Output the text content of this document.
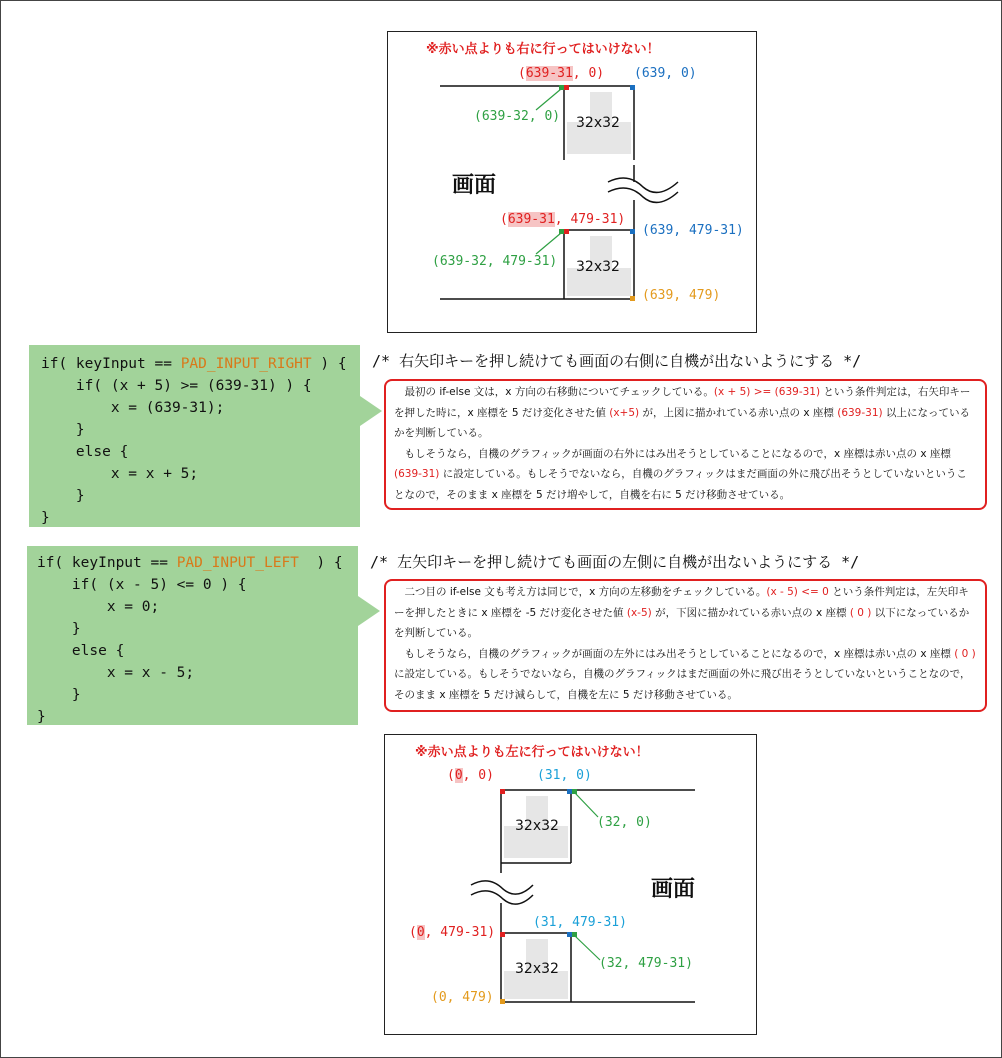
※赤い点よりも右に行ってはいけない！
(639-31, 0) (639, 0)
(639-32, 0) 32x32
画面
(639-31, 479-31)
(639, 479-31)
(639-32, 479-31) 32x32
(639, 479)
if( keyInput == PAD_INPUT_RIGHT ) {
if( (x + 5) >= (639-31) ) {
x = (639-31);
}
else {
x = x + 5;
}
}
/* 右矢印キーを押し続けても画面の右側に自機が出ないようにする */

最初の if-else 文は，x 方向の右移動についてチェックしている。(x + 5) >= (639-31) という条件判定は，右矢印キーを押した時に，x 座標を 5 だけ変化させた値 (x+5) が，上図に描かれている赤い点の x 座標 (639-31) 以上になっているかを判断している。

もしそうなら，自機のグラフィックが画面の右外にはみ出そうとしていることになるので，x 座標は赤い点の x 座標 (639-31) に設定している。もしそうでないなら，自機のグラフィックはまだ画面の外に飛び出そうとしていないということなので，そのまま x 座標を 5 だけ増やして，自機を右に 5 だけ移動させている。

if( keyInput == PAD_INPUT_LEFT  ) {
if( (x - 5) <= 0 ) {
x = 0;
}
else {
x = x - 5;
}
}
/* 左矢印キーを押し続けても画面の左側に自機が出ないようにする */

二つ目の if-else 文も考え方は同じで，x 方向の左移動をチェックしている。(x - 5) <= 0 という条件判定は，左矢印キーを押したときに x 座標を -5 だけ変化させた値 (x-5) が，下図に描かれている赤い点の x 座標 ( 0 ) 以下になっているかを判断している。

もしそうなら，自機のグラフィックが画面の左外にはみ出そうとしていることになるので，x 座標は赤い点の x 座標 ( 0 ) に設定している。もしそうでないなら，自機のグラフィックはまだ画面の外に飛び出そうとしていないということなので，そのまま x 座標を 5 だけ減らして，自機を左に 5 だけ移動させている。

※赤い点よりも左に行ってはいけない！
(0, 0)	(31, 0)
(32, 0)
32x32
画面
(31, 479-31)
(0, 479-31)
(32, 479-31)
32x32
(0, 479)
